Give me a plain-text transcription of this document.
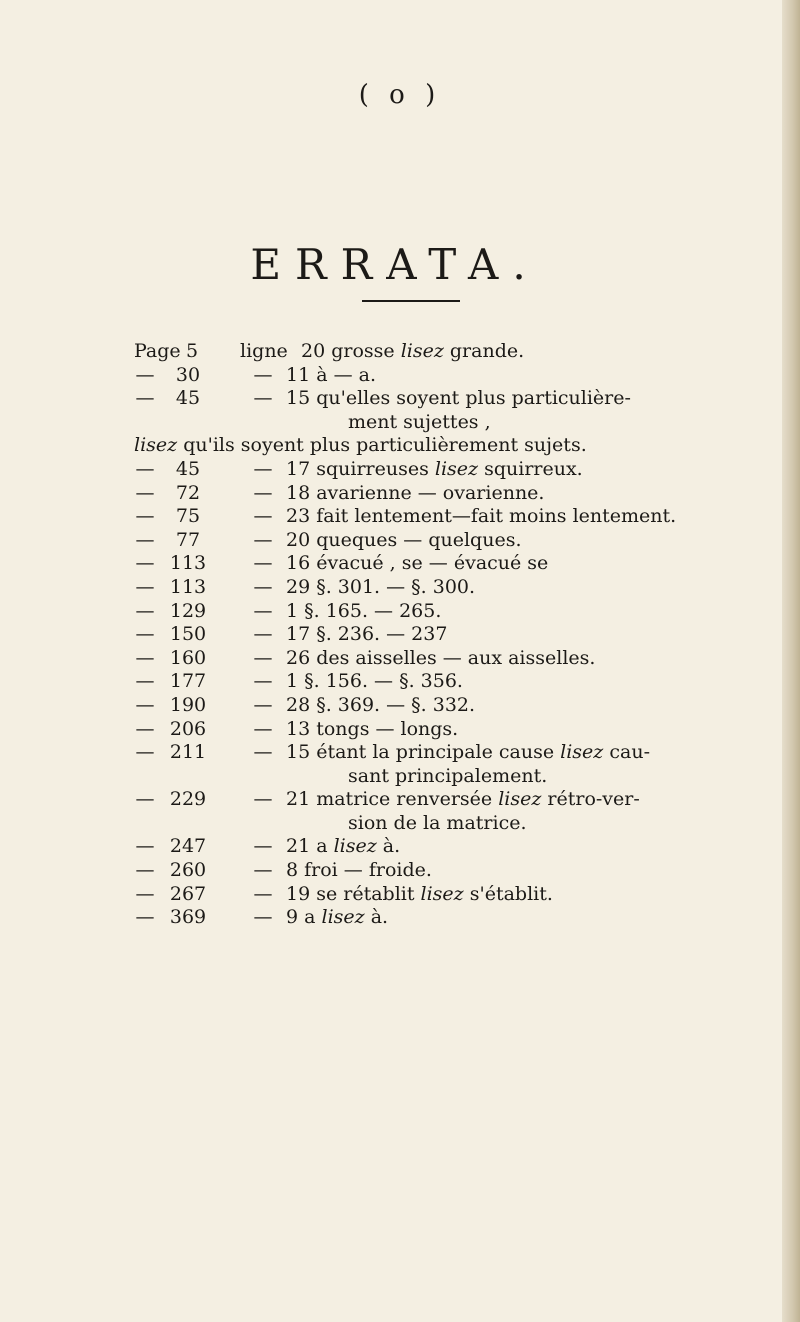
( o )
ERRATA.
Page 5	ligne 20 grosse lisez grande.
—	30	— 11 à — a.
—	45	— 15 qu'elles soyent plus particulière-
ment sujettes ,
lisez qu'ils soyent plus particulièrement sujets.
—	45	— 17 squirreuses lisez squirreux.
—	72	— 18 avarienne — ovarienne.
—	75	— 23 fait lentement—fait moins lentement.
—	77	— 20 queques — quelques.
— 113	— 16 évacué , se — évacué se
— 113	— 29 §. 301. — §. 300.
— 129	— 1 §. 165. — 265.
— 150	— 17 §. 236. — 237
— 160	— 26 des aisselles — aux aisselles.
— 177	— 1 §. 156. — §. 356.
— 190	— 28 §. 369. — §. 332.
— 206	— 13 tongs — longs.
— 211	— 15 étant la principale cause lisez cau-
sant principalement.
— 229	— 21 matrice renversée lisez rétro-ver-
sion de la matrice.
— 247	— 21 a lisez à.
— 260	— 8 froi — froide.
— 267	— 19 se rétablit lisez s'établit.
— 369	— 9 a lisez à.
